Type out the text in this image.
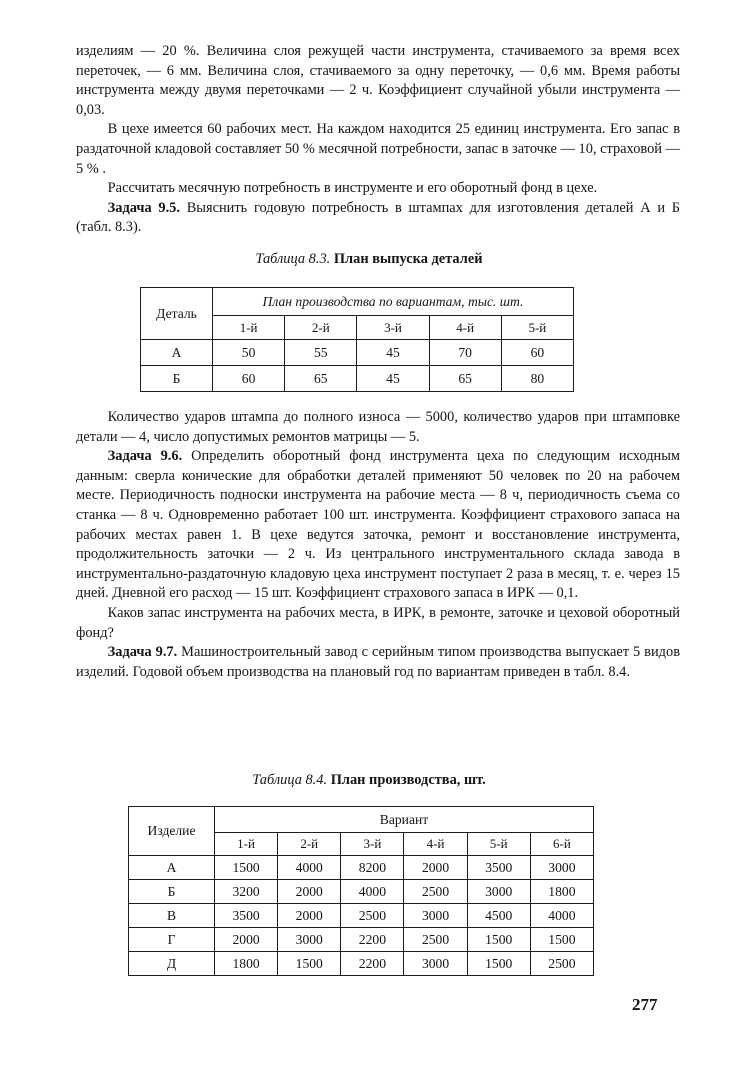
изделиям — 20 %. Величина слоя режущей части инструмента, стачиваемого за время всех переточек, — 6 мм. Величина слоя, стачиваемого за одну переточку, — 0,6 мм. Время работы инструмента между двумя переточками — 2 ч. Коэффициент случайной убыли инструмента — 0,03.

В цехе имеется 60 рабочих мест. На каждом находится 25 единиц инструмента. Его запас в раздаточной кладовой составляет 50 % месячной потребности, запас в заточке — 10, страховой — 5 % .

Рассчитать месячную потребность в инструменте и его оборотный фонд в цехе.

Задача 9.5. Выяснить годовую потребность в штампах для изготовления деталей А и Б (табл. 8.3).

Таблица 8.3. План выпуска деталей
Деталь	План производства по вариантам, тыс. шт.				
	1-й	2-й	3-й	4-й	5-й
А	50	55	45	70	60
Б	60	65	45	65	80

Количество ударов штампа до полного износа — 5000, количество ударов при штамповке детали — 4, число допустимых ремонтов матрицы — 5.

Задача 9.6. Определить оборотный фонд инструмента цеха по следующим исходным данным: сверла конические для обработки деталей применяют 50 человек по 20 на рабочем месте. Периодичность подноски инструмента на рабочие места — 8 ч, периодичность съема со станка — 8 ч. Одновременно работает 100 шт. инструмента. Коэффициент страхового запаса на рабочих местах равен 1. В цехе ведутся заточка, ремонт и восстановление инструмента, продолжительность заточки — 2 ч. Из центрального инструментального склада завода в инструментально-раздаточную кладовую цеха инструмент поступает 2 раза в месяц, т. е. через 15 дней. Дневной его расход — 15 шт. Коэффициент страхового запаса в ИРК — 0,1.

Каков запас инструмента на рабочих места, в ИРК, в ремонте, заточке и цеховой оборотный фонд?

Задача 9.7. Машиностроительный завод с серийным типом производства выпускает 5 видов изделий. Годовой объем производства на плановый год по вариантам приведен в табл. 8.4.

Таблица 8.4. План производства, шт.
Изделие	Вариант					
	1-й	2-й	3-й	4-й	5-й	6-й
А	1500	4000	8200	2000	3500	3000
Б	3200	2000	4000	2500	3000	1800
В	3500	2000	2500	3000	4500	4000
Г	2000	3000	2200	2500	1500	1500
Д	1800	1500	2200	3000	1500	2500
277
